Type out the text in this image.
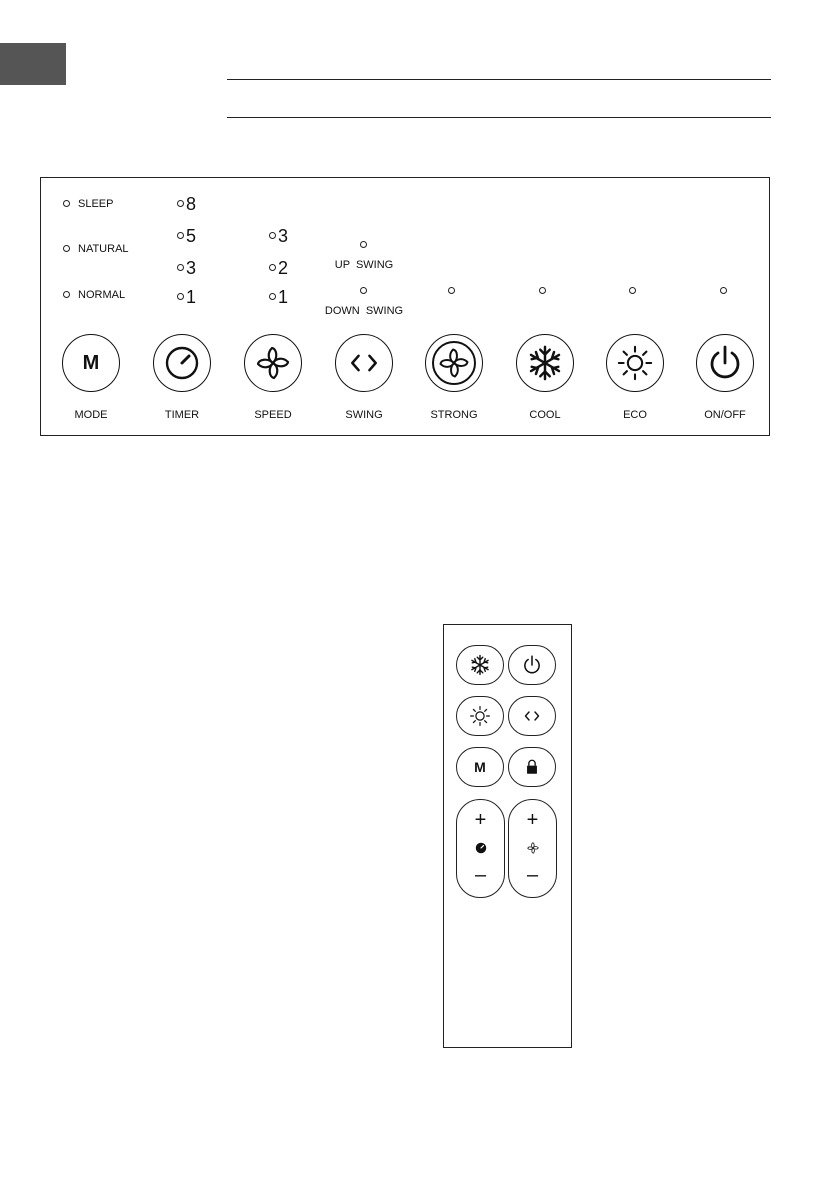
SLEEP
NATURAL
NORMAL
8
5
3
1
3
2
1
UP  SWING
DOWN  SWING
M
MODE	TIMER	SPEED	SWING	STRONG	COOL	ECO	ON/OFF
M
+
–
+
–
